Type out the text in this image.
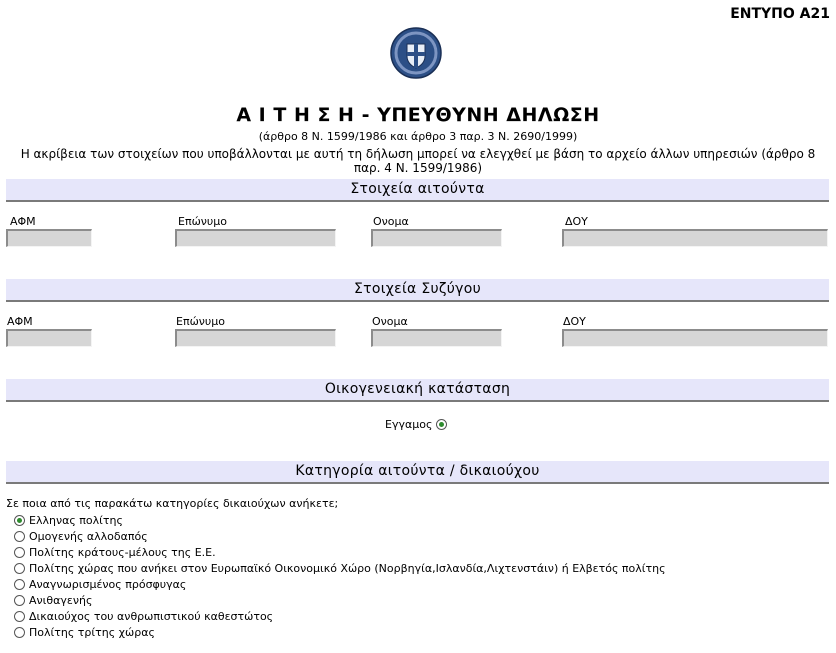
ΕΝΤΥΠΟ Α21
Α Ι Τ Η Σ Η - ΥΠΕΥΘΥΝΗ ΔΗΛΩΣΗ
(άρθρο 8 Ν. 1599/1986 και άρθρο 3 παρ. 3 Ν. 2690/1999)
Η ακρίβεια των στοιχείων που υποβάλλονται με αυτή τη δήλωση μπορεί να ελεγχθεί με βάση το αρχείο άλλων υπηρεσιών (άρθρο 8 παρ. 4 Ν. 1599/1986)
Στοιχεία αιτούντα
ΑΦΜ	Επώνυμο	Ονομα	ΔΟΥ
Στοιχεία Συζύγου
ΑΦΜ	Επώνυμο	Ονομα	ΔΟΥ
Οικογενειακή κατάσταση
Εγγαμος
Κατηγορία αιτούντα / δικαιούχου
Σε ποια από τις παρακάτω κατηγορίες δικαιούχων ανήκετε;
Ελληνας πολίτης
Ομογενής αλλοδαπός
Πολίτης κράτους-μέλους της Ε.Ε.
Πολίτης χώρας που ανήκει στον Ευρωπαϊκό Οικονομικό Χώρο (Νορβηγία,Ισλανδία,Λιχτενστάιν) ή Ελβετός πολίτης
Αναγνωρισμένος πρόσφυγας
Ανιθαγενής
Δικαιούχος του ανθρωπιστικού καθεστώτος
Πολίτης τρίτης χώρας
